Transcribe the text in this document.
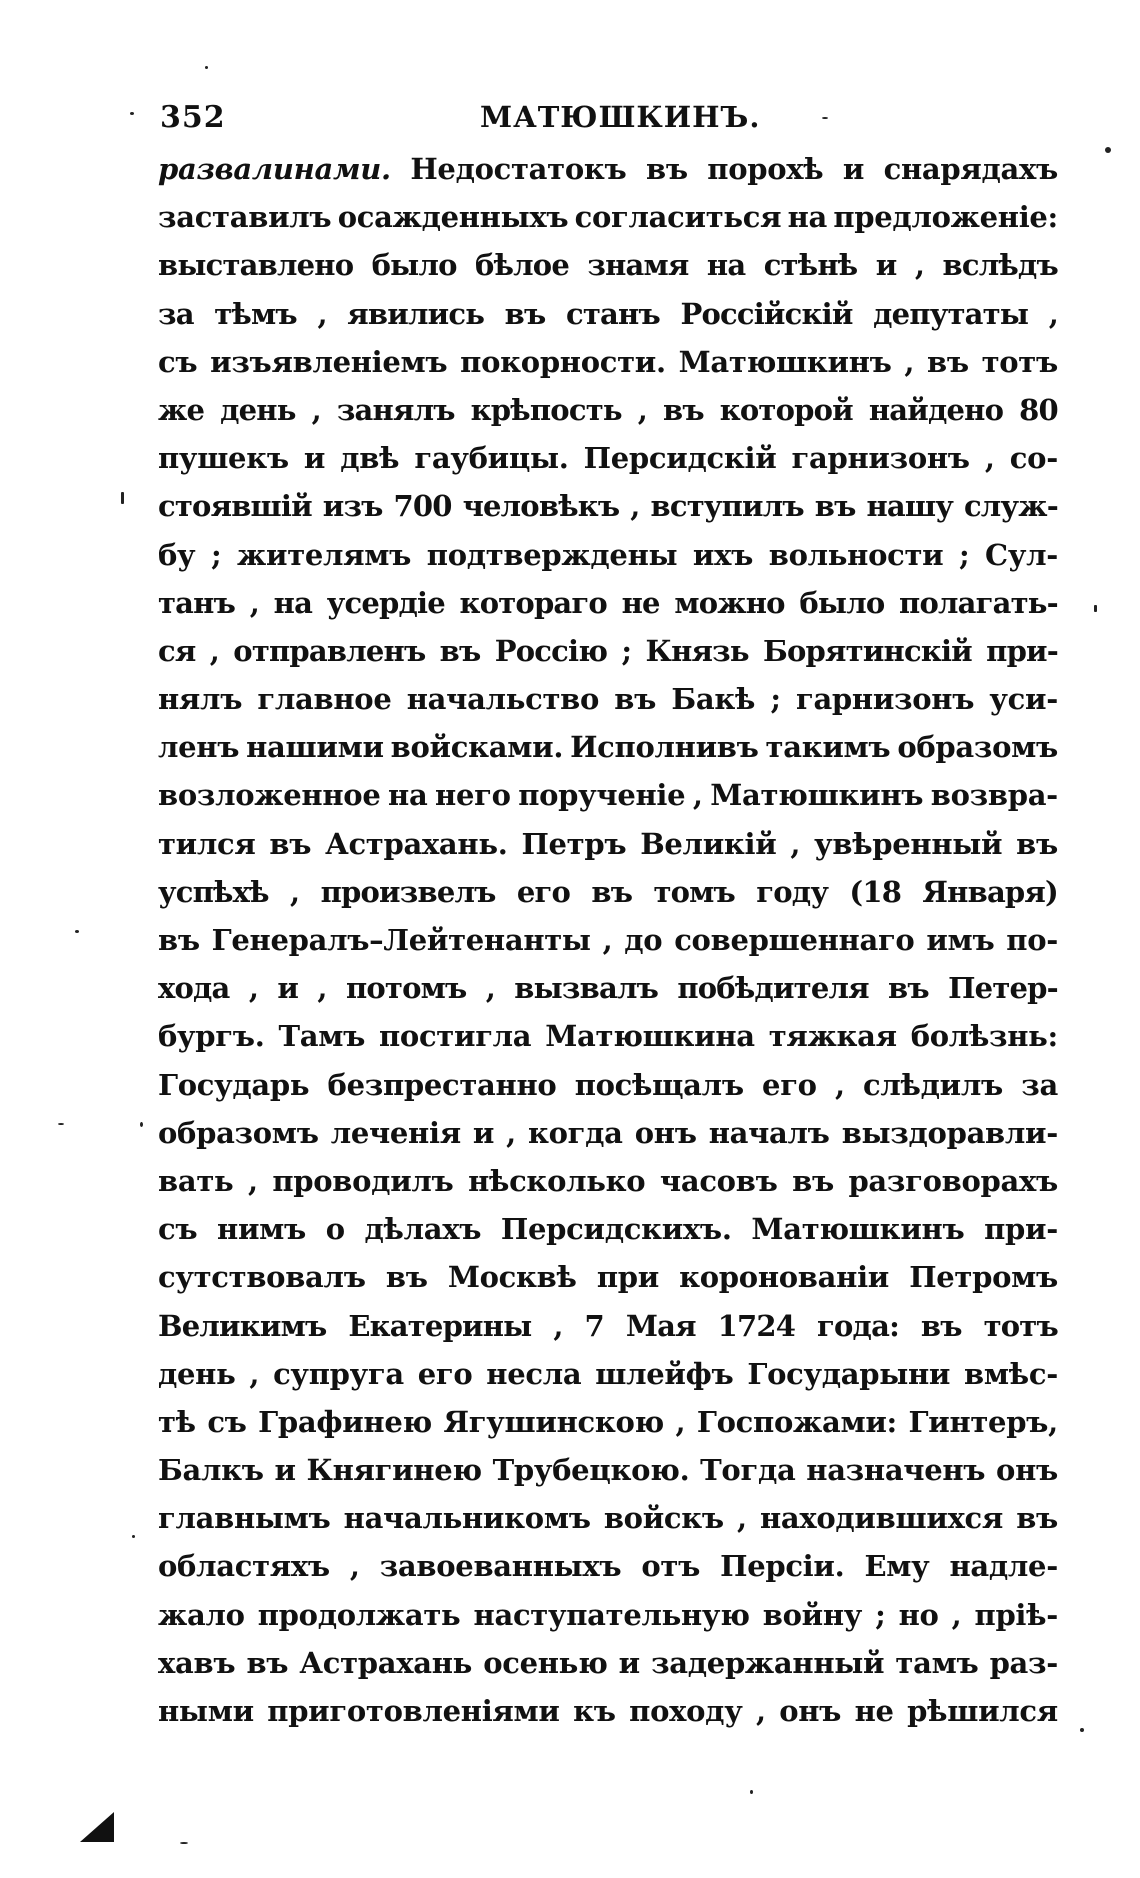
352	МАТЮШКИНЪ.
развалинами. Недостатокъ въ порохѣ и снарядахъ
заставилъ осажденныхъ согласиться на предложеніе:
выставлено было бѣлое знамя на стѣнѣ и , вслѣдъ
за тѣмъ , явились въ станъ Россійскій депутаты ,
съ изъявленіемъ покорности. Матюшкинъ , въ тотъ
же день , занялъ крѣпость , въ которой найдено 80
пушекъ и двѣ гаубицы. Персидскій гарнизонъ , со-
стоявшій изъ 700 человѣкъ , вступилъ въ нашу служ-
бу ; жителямъ подтверждены ихъ вольности ; Сул-
танъ , на усердіе котораго не можно было полагать-
ся , отправленъ въ Россію ; Князь Борятинскій при-
нялъ главное начальство въ Бакѣ ; гарнизонъ уси-
ленъ нашими войсками. Исполнивъ такимъ образомъ
возложенное на него порученіе , Матюшкинъ возвра-
тился въ Астрахань. Петръ Великій , увѣренный въ
успѣхѣ , произвелъ его въ томъ году (18 Января)
въ Генералъ–Лейтенанты , до совершеннаго имъ по-
хода , и , потомъ , вызвалъ побѣдителя въ Петер-
бургъ. Тамъ постигла Матюшкина тяжкая болѣзнь:
Государь безпрестанно посѣщалъ его , слѣдилъ за
образомъ леченія и , когда онъ началъ выздоравли-
вать , проводилъ нѣсколько часовъ въ разговорахъ
съ нимъ о дѣлахъ Персидскихъ. Матюшкинъ при-
сутствовалъ въ Москвѣ при коронованіи Петромъ
Великимъ Екатерины , 7 Мая 1724 года: въ тотъ
день , супруга его несла шлейфъ Государыни вмѣс-
тѣ съ Графинею Ягушинскою , Госпожами: Гинтеръ,
Балкъ и Княгинею Трубецкою. Тогда назначенъ онъ
главнымъ начальникомъ войскъ , находившихся въ
областяхъ , завоеванныхъ отъ Персіи. Ему надле-
жало продолжать наступательную войну ; но , пріѣ-
хавъ въ Астрахань осенью и задержанный тамъ раз-
ными приготовленіями къ походу , онъ не рѣшился
